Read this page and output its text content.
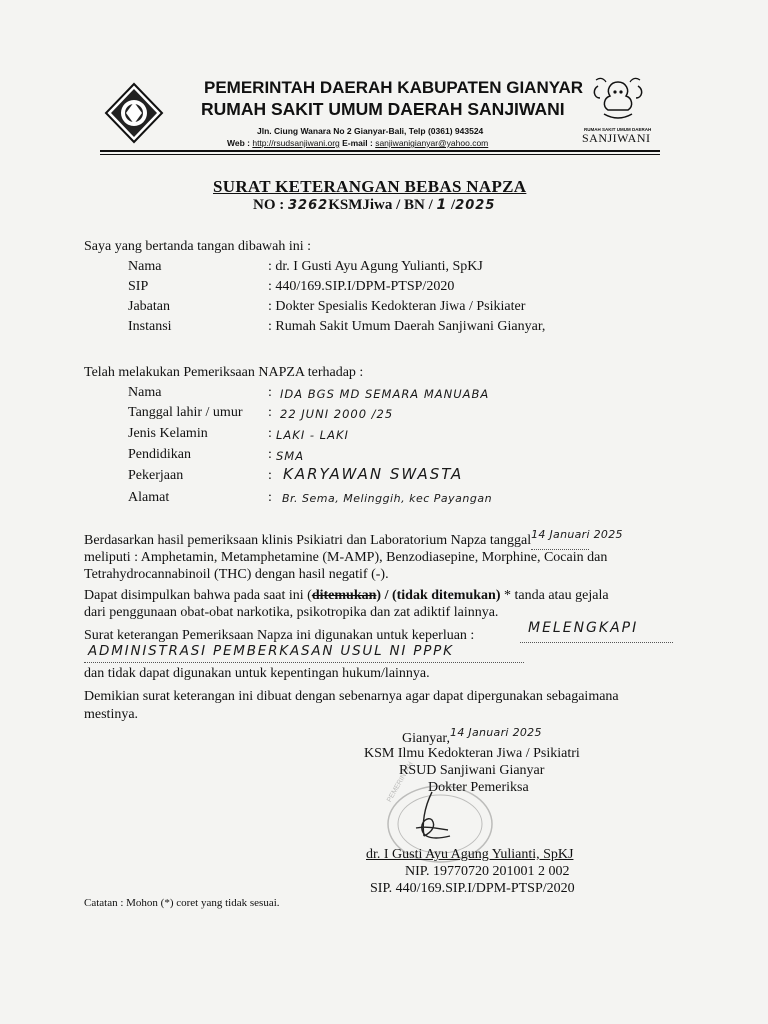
PEMERINTAH DAERAH KABUPATEN GIANYAR
RUMAH SAKIT UMUM DAERAH SANJIWANI
Jln. Ciung Wanara No 2 Gianyar-Bali, Telp (0361) 943524
Web : http://rsudsanjiwani.org E-mail : sanjiwanigianyar@yahoo.com
RUMAH SAKIT UMUM DAERAH
SANJIWANI
SURAT KETERANGAN BEBAS NAPZA
NO : 3262KSMJiwa / BN / 1 /2025
Saya yang bertanda tangan dibawah ini :
Nama	: dr. I Gusti Ayu Agung Yulianti, SpKJ
SIP	: 440/169.SIP.I/DPM-PTSP/2020
Jabatan	: Dokter Spesialis Kedokteran Jiwa / Psikiater
Instansi	: Rumah Sakit Umum Daerah Sanjiwani Gianyar,
Telah melakukan Pemeriksaan NAPZA terhadap :
Nama	: IDA BGS MD SEMARA MANUABA
Tanggal lahir / umur : 22 JUNI 2000 /25
Jenis Kelamin	: LAKI - LAKI
Pendidikan	: SMA
Pekerjaan	: KARYAWAN SWASTA
Alamat	: Br. Sema, Melinggih, kec Payangan
Berdasarkan hasil pemeriksaan klinis Psikiatri dan Laboratorium Napza tanggal 14 Januari 2025

meliputi : Amphetamin, Metamphetamine (M-AMP), Benzodiasepine, Morphine, Cocain dan
Tetrahydrocannabinoil (THC) dengan hasil negatif (-).
Dapat disimpulkan bahwa pada saat ini (ditemukan) / (tidak ditemukan) * tanda atau gejala
dari penggunaan obat-obat narkotika, psikotropika dan zat adiktif lainnya.
Surat keterangan Pemeriksaan Napza ini digunakan untuk keperluan :	MELENGKAPI
ADMINISTRASI PEMBERKASAN USUL NI PPPK
dan tidak dapat digunakan untuk kepentingan hukum/lainnya.
Demikian surat keterangan ini dibuat dengan sebenarnya agar dapat dipergunakan sebagaimana
mestinya.
Gianyar,$^{14 Januari 2025}$
KSM Ilmu Kedokteran Jiwa / Psikiatri
RSUD Sanjiwani Gianyar
Dokter Pemeriksa
PEMERINTAH
dr. I Gusti Ayu Agung Yulianti, SpKJ
NIP. 19770720 201001 2 002
SIP. 440/169.SIP.I/DPM-PTSP/2020
Catatan : Mohon (*) coret yang tidak sesuai.
